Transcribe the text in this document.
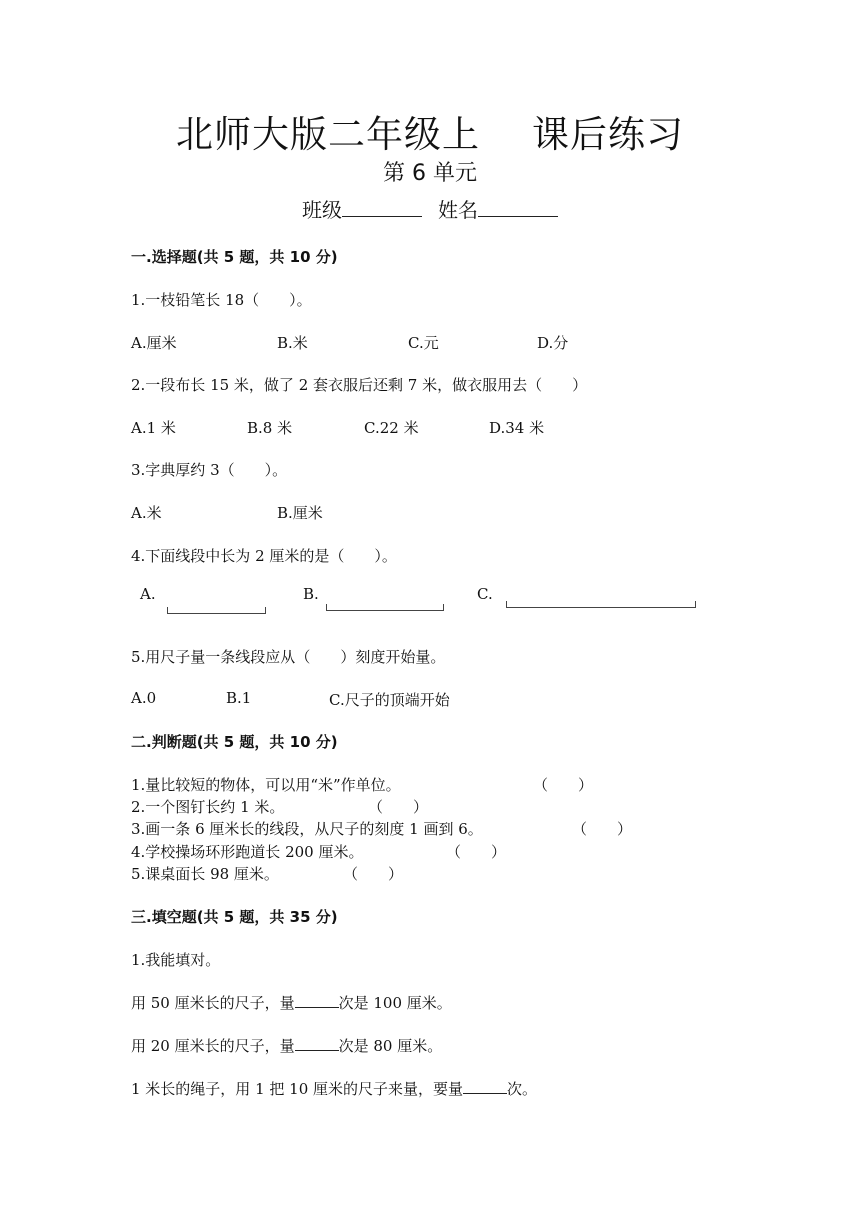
北师大版二年级上 课后练习
第 6 单元
班级	姓名
一.选择题(共 5 题，共 10 分)
1.一枝铅笔长 18（　　）。
A.厘米	B.米	C.元	D.分
2.一段布长 15 米，做了 2 套衣服后还剩 7 米，做衣服用去（　　）
A.1 米	B.8 米	C.22 米	D.34 米
3.字典厚约 3（　　）。
A.米	B.厘米
4.下面线段中长为 2 厘米的是（　　）。
A.	B.	C.
5.用尺子量一条线段应从（　　）刻度开始量。
A.0	B.1	C.尺子的顶端开始
二.判断题(共 5 题，共 10 分)
1.量比较短的物体，可以用“米”作单位。	（　　）
2.一个图钉长约 1 米。	（　　）
3.画一条 6 厘米长的线段，从尺子的刻度 1 画到 6。	（　　）
4.学校操场环形跑道长 200 厘米。	（　　）
5.课桌面长 98 厘米。	（　　）
三.填空题(共 5 题，共 35 分)
1.我能填对。
用 50 厘米长的尺子，量	次是 100 厘米。
用 20 厘米长的尺子，量	次是 80 厘米。
1 米长的绳子，用 1 把 10 厘米的尺子来量，要量	次。
